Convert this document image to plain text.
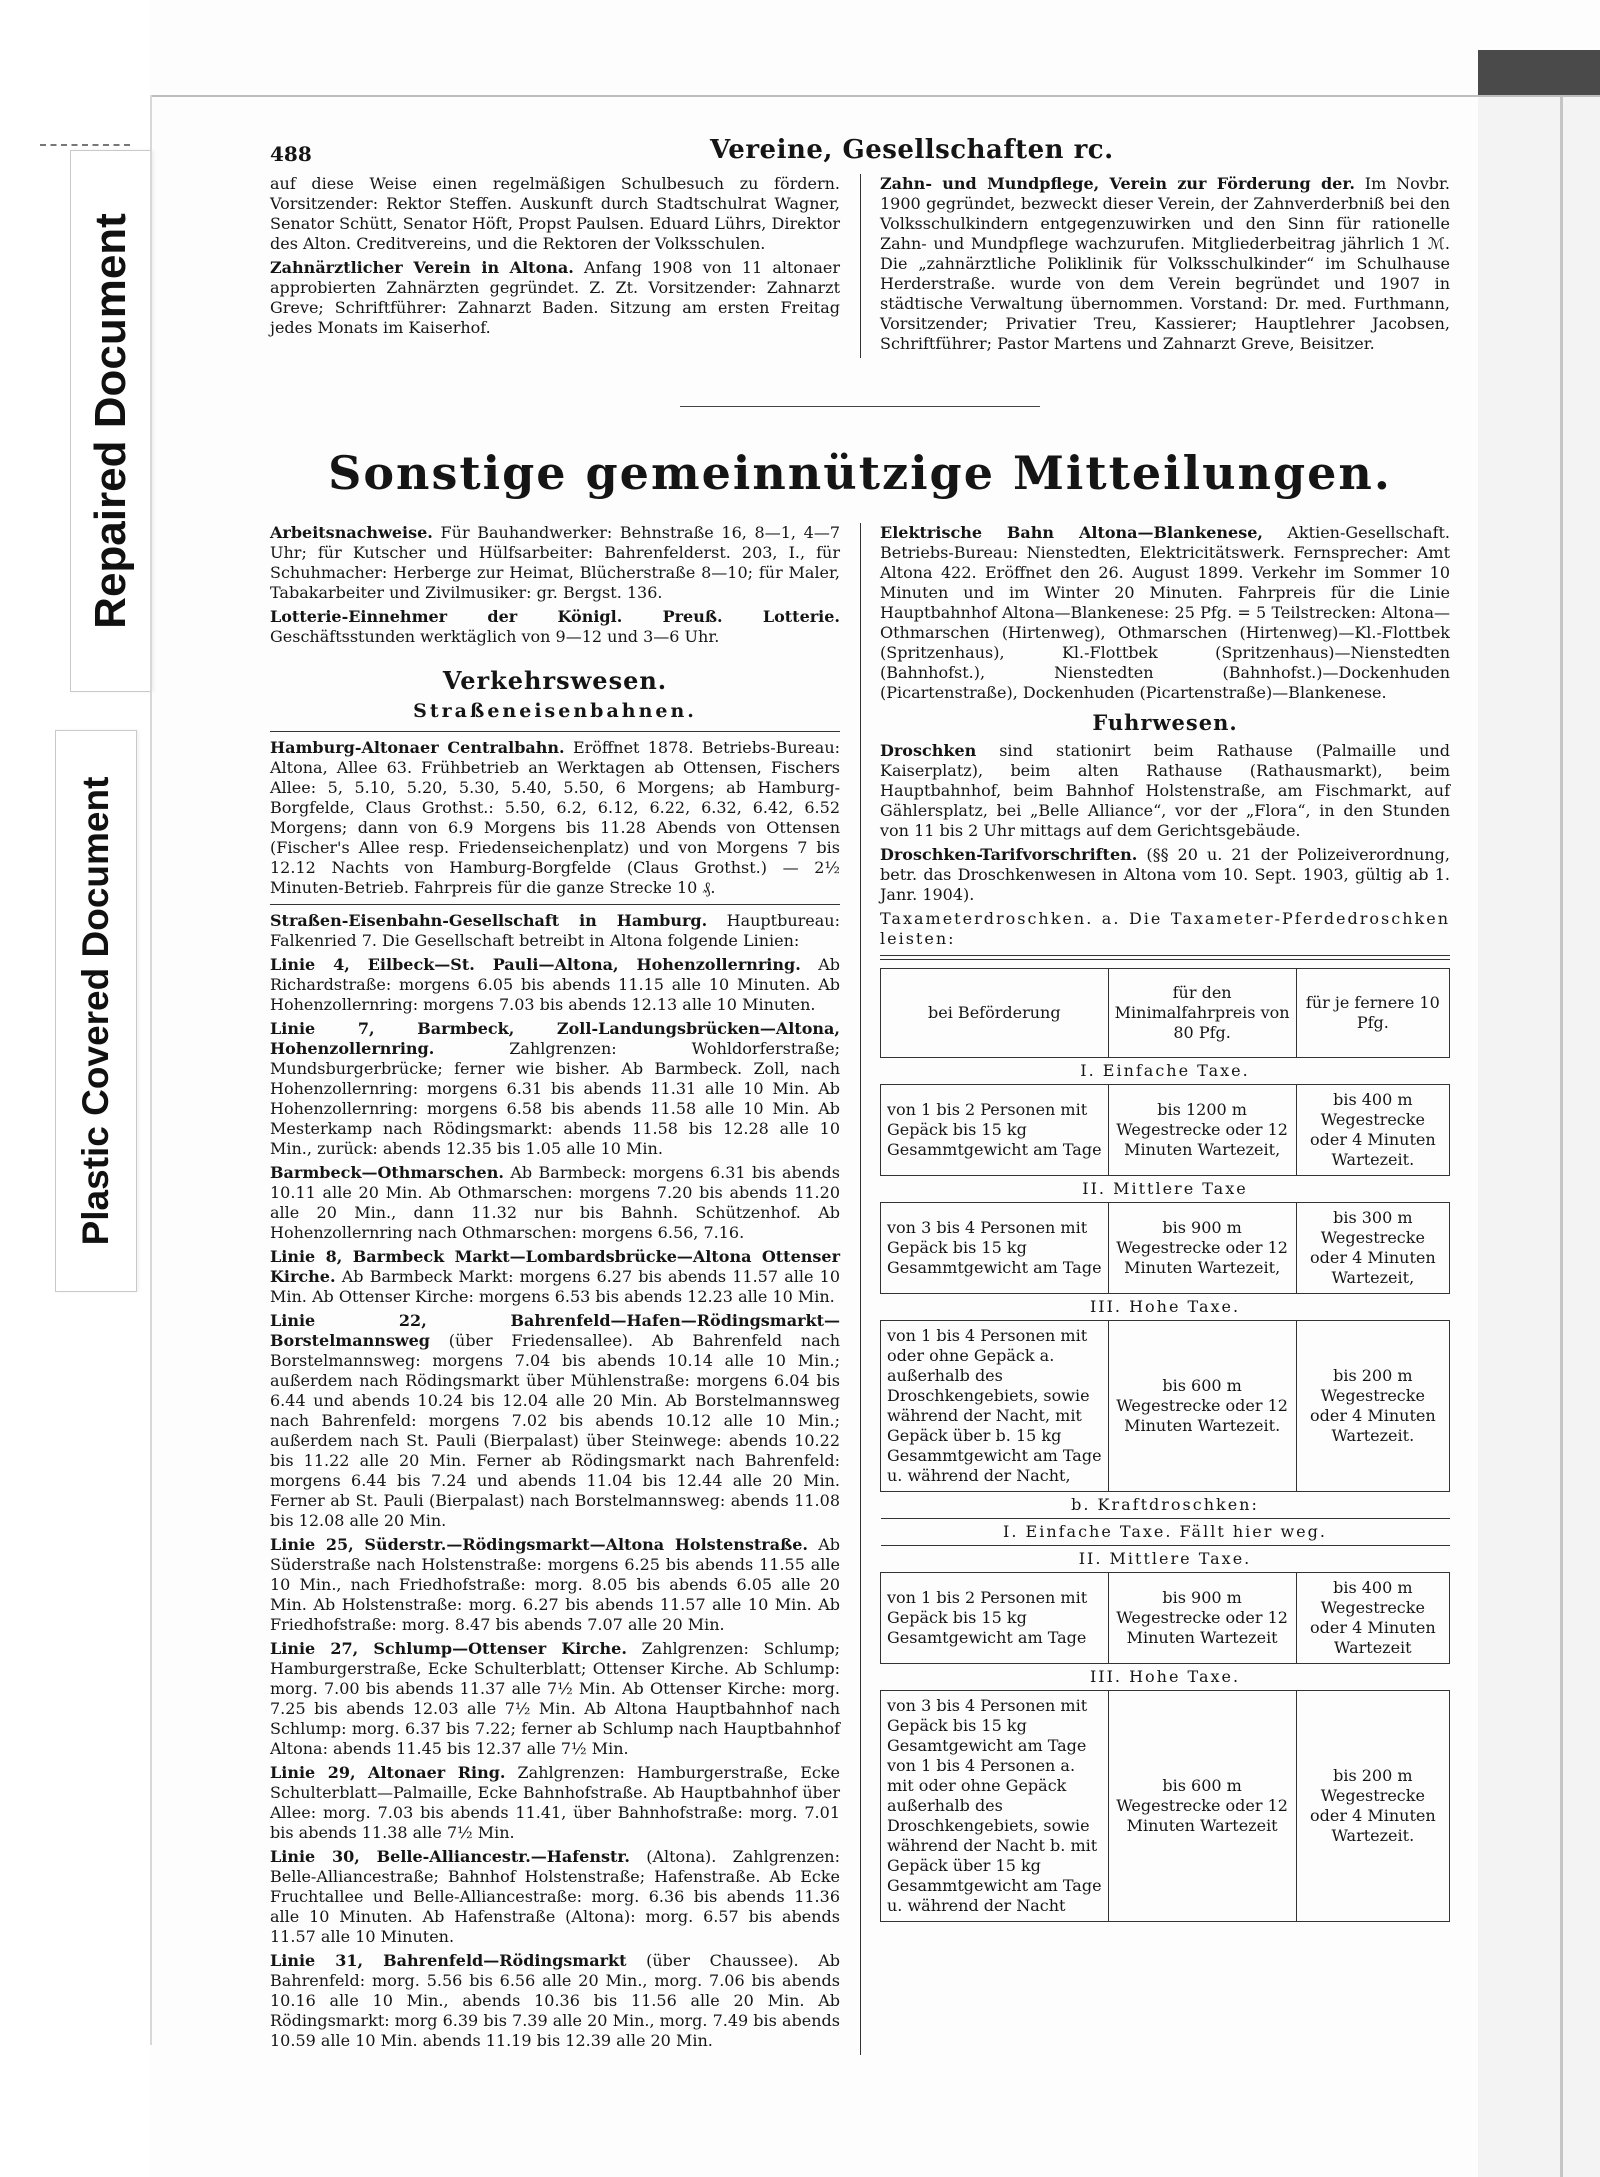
Repaired Document
Plastic Covered Document
488	Vereine, Gesellschaften rc.

auf diese Weise einen regelmäßigen Schulbesuch zu fördern. Vorsitzender: Rektor Steffen. Auskunft durch Stadtschulrat Wagner, Senator Schütt, Senator Höft, Propst Paulsen. Eduard Lührs, Direktor des Alton. Creditvereins, und die Rektoren der Volksschulen.

Zahnärztlicher Verein in Altona. Anfang 1908 von 11 altonaer approbierten Zahnärzten gegründet. Z. Zt. Vorsitzender: Zahnarzt Greve; Schriftführer: Zahnarzt Baden. Sitzung am ersten Freitag jedes Monats im Kaiserhof.

Zahn- und Mundpflege, Verein zur Förderung der. Im Novbr. 1900 gegründet, bezweckt dieser Verein, der Zahnverderbniß bei den Volksschulkindern entgegenzuwirken und den Sinn für rationelle Zahn- und Mundpflege wachzurufen. Mitgliederbeitrag jährlich 1 ℳ. Die „zahnärztliche Poliklinik für Volksschulkinder“ im Schulhause Herderstraße. wurde von dem Verein begründet und 1907 in städtische Verwaltung übernommen. Vorstand: Dr. med. Furthmann, Vorsitzender; Privatier Treu, Kassierer; Hauptlehrer Jacobsen, Schriftführer; Pastor Martens und Zahnarzt Greve, Beisitzer.

Sonstige gemeinnützige Mitteilungen.

Arbeitsnachweise. Für Bauhandwerker: Behnstraße 16, 8—1, 4—7 Uhr; für Kutscher und Hülfsarbeiter: Bahrenfelderst. 203, I., für Schuhmacher: Herberge zur Heimat, Blücherstraße 8—10; für Maler, Tabakarbeiter und Zivilmusiker: gr. Bergst. 136.

Lotterie-Einnehmer der Königl. Preuß. Lotterie. Geschäftsstunden werktäglich von 9—12 und 3—6 Uhr.

Verkehrswesen.
Straßeneisenbahnen.

Hamburg-Altonaer Centralbahn. Eröffnet 1878. Betriebs-Bureau: Altona, Allee 63. Frühbetrieb an Werktagen ab Ottensen, Fischers Allee: 5, 5.10, 5.20, 5.30, 5.40, 5.50, 6 Morgens; ab Hamburg-Borgfelde, Claus Grothst.: 5.50, 6.2, 6.12, 6.22, 6.32, 6.42, 6.52 Morgens; dann von 6.9 Morgens bis 11.28 Abends von Ottensen (Fischer's Allee resp. Friedenseichenplatz) und von Morgens 7 bis 12.12 Nachts von Hamburg-Borgfelde (Claus Grothst.) — 2½ Minuten-Betrieb. Fahrpreis für die ganze Strecke 10 ₰.

Straßen-Eisenbahn-Gesellschaft in Hamburg. Hauptbureau: Falkenried 7. Die Gesellschaft betreibt in Altona folgende Linien:

Linie 4, Eilbeck—St. Pauli—Altona, Hohenzollernring. Ab Richardstraße: morgens 6.05 bis abends 11.15 alle 10 Minuten. Ab Hohenzollernring: morgens 7.03 bis abends 12.13 alle 10 Minuten.

Linie 7, Barmbeck, Zoll-Landungsbrücken—Altona, Hohenzollernring.	Zahlgrenzen: Wohldorferstraße; Mundsburgerbrücke; ferner wie bisher. Ab Barmbeck. Zoll, nach Hohenzollernring: morgens 6.31 bis abends 11.31 alle 10 Min. Ab Hohenzollernring: morgens 6.58 bis abends 11.58 alle 10 Min. Ab Mesterkamp nach Rödingsmarkt: abends 11.58 bis 12.28 alle 10 Min., zurück: abends 12.35 bis 1.05 alle 10 Min.

Barmbeck—Othmarschen. Ab Barmbeck: morgens 6.31 bis abends 10.11 alle 20 Min. Ab Othmarschen: morgens 7.20 bis abends 11.20 alle 20 Min., dann 11.32 nur bis Bahnh. Schützenhof. Ab Hohenzollernring nach Othmarschen: morgens 6.56, 7.16.

Linie 8, Barmbeck Markt—Lombardsbrücke—Altona Ottenser Kirche. Ab Barmbeck Markt: morgens 6.27 bis abends 11.57 alle 10 Min. Ab Ottenser Kirche: morgens 6.53 bis abends 12.23 alle 10 Min.

Linie 22, Bahrenfeld—Hafen—Rödingsmarkt—Borstelmannsweg (über Friedensallee). Ab Bahrenfeld nach Borstelmannsweg: morgens 7.04 bis abends 10.14 alle 10 Min.; außerdem nach Rödingsmarkt über Mühlenstraße: morgens 6.04 bis 6.44 und abends 10.24 bis 12.04 alle 20 Min. Ab Borstelmannsweg nach Bahrenfeld: morgens 7.02 bis abends 10.12 alle 10 Min.; außerdem nach St. Pauli (Bierpalast) über Steinwege: abends 10.22 bis 11.22 alle 20 Min. Ferner ab Rödingsmarkt nach Bahrenfeld: morgens 6.44 bis 7.24 und abends 11.04 bis 12.44 alle 20 Min. Ferner ab St. Pauli (Bierpalast) nach Borstelmannsweg: abends 11.08 bis 12.08 alle 20 Min.

Linie 25, Süderstr.—Rödingsmarkt—Altona Holstenstraße. Ab Süderstraße nach Holstenstraße: morgens 6.25 bis abends 11.55 alle 10 Min., nach Friedhofstraße: morg. 8.05 bis abends 6.05 alle 20 Min. Ab Holstenstraße: morg. 6.27 bis abends 11.57 alle 10 Min. Ab Friedhofstraße: morg. 8.47 bis abends 7.07 alle 20 Min.

Linie 27, Schlump—Ottenser Kirche. Zahlgrenzen: Schlump; Hamburgerstraße, Ecke Schulterblatt; Ottenser Kirche. Ab Schlump: morg. 7.00 bis abends 11.37 alle 7½ Min. Ab Ottenser Kirche: morg. 7.25 bis abends 12.03 alle 7½ Min. Ab Altona Hauptbahnhof nach Schlump: morg. 6.37 bis 7.22; ferner ab Schlump nach Hauptbahnhof Altona: abends 11.45 bis 12.37 alle 7½ Min.

Linie 29, Altonaer Ring. Zahlgrenzen: Hamburgerstraße, Ecke Schulterblatt—Palmaille, Ecke Bahnhofstraße. Ab Hauptbahnhof über Allee: morg. 7.03 bis abends 11.41, über Bahnhofstraße: morg. 7.01 bis abends 11.38 alle 7½ Min.

Linie 30, Belle-Alliancestr.—Hafenstr. (Altona). Zahlgrenzen: Belle-Alliancestraße; Bahnhof Holstenstraße; Hafenstraße. Ab Ecke Fruchtallee und Belle-Alliancestraße: morg. 6.36 bis abends 11.36 alle 10 Minuten. Ab Hafenstraße (Altona): morg. 6.57 bis abends 11.57 alle 10 Minuten.

Linie 31, Bahrenfeld—Rödingsmarkt (über Chaussee). Ab Bahrenfeld: morg. 5.56 bis 6.56 alle 20 Min., morg. 7.06 bis abends 10.16 alle 10 Min., abends 10.36 bis 11.56 alle 20 Min. Ab Rödingsmarkt: morg 6.39 bis 7.39 alle 20 Min., morg. 7.49 bis abends 10.59 alle 10 Min. abends 11.19 bis 12.39 alle 20 Min.

Elektrische Bahn Altona—Blankenese, Aktien-Gesellschaft. Betriebs-Bureau: Nienstedten, Elektricitätswerk. Fernsprecher: Amt Altona 422. Eröffnet den 26. August 1899. Verkehr im Sommer 10 Minuten und im Winter 20 Minuten. Fahrpreis für die Linie Hauptbahnhof Altona—Blankenese: 25 Pfg. = 5 Teilstrecken: Altona—Othmarschen (Hirtenweg), Othmarschen (Hirtenweg)—Kl.-Flottbek (Spritzenhaus), Kl.-Flottbek (Spritzenhaus)—Nienstedten (Bahnhofst.), Nienstedten (Bahnhofst.)—Dockenhuden (Picartenstraße), Dockenhuden (Picartenstraße)—Blankenese.

Fuhrwesen.

Droschken sind stationirt beim Rathause (Palmaille und Kaiserplatz), beim alten Rathause (Rathausmarkt), beim Hauptbahnhof, beim Bahnhof Holstenstraße, am Fischmarkt, auf Gählersplatz, bei „Belle Alliance“, vor der „Flora“, in den Stunden von 11 bis 2 Uhr mittags auf dem Gerichtsgebäude.

Droschken-Tarifvorschriften. (§§ 20 u. 21 der Polizeiverordnung, betr. das Droschkenwesen in Altona vom 10. Sept. 1903, gültig ab 1. Janr. 1904).

Taxameterdroschken. a. Die Taxameter-Pferdedroschken leisten:

bei Beförderung	für den Minimalfahrpreis von 80 Pfg.	für je fernere 10 Pfg.
I. Einfache Taxe.		
von 1 bis 2 Personen mit Gepäck bis 15 kg Gesammtgewicht am Tage	bis 1200 m Wegestrecke oder 12 Minuten Wartezeit,	bis 400 m Wegestrecke oder 4 Minuten Wartezeit.
II. Mittlere Taxe		
von 3 bis 4 Personen mit Gepäck bis 15 kg Gesammtgewicht am Tage	bis 900 m Wegestrecke oder 12 Minuten Wartezeit,	bis 300 m Wegestrecke oder 4 Minuten Wartezeit,
III. Hohe Taxe.		
von 1 bis 4 Personen mit oder ohne Gepäck a. außerhalb des Droschkengebiets, sowie während der Nacht, mit Gepäck über b. 15 kg Gesammtgewicht am Tage u. während der Nacht,	bis 600 m Wegestrecke oder 12 Minuten Wartezeit.	bis 200 m Wegestrecke oder 4 Minuten Wartezeit.
b. Kraftdroschken:		
I. Einfache Taxe. Fällt hier weg.		
II. Mittlere Taxe.		
von 1 bis 2 Personen mit Gepäck bis 15 kg Gesamtgewicht am Tage	bis 900 m Wegestrecke oder 12 Minuten Wartezeit	bis 400 m Wegestrecke oder 4 Minuten Wartezeit
III. Hohe Taxe.		
von 3 bis 4 Personen mit Gepäck bis 15 kg Gesamtgewicht am Tage von 1 bis 4 Personen a. mit oder ohne Gepäck außerhalb des Droschkengebiets, sowie während der Nacht b. mit Gepäck über 15 kg Gesammtgewicht am Tage u. während der Nacht	bis 600 m Wegestrecke oder 12 Minuten Wartezeit	bis 200 m Wegestrecke oder 4 Minuten Wartezeit.
